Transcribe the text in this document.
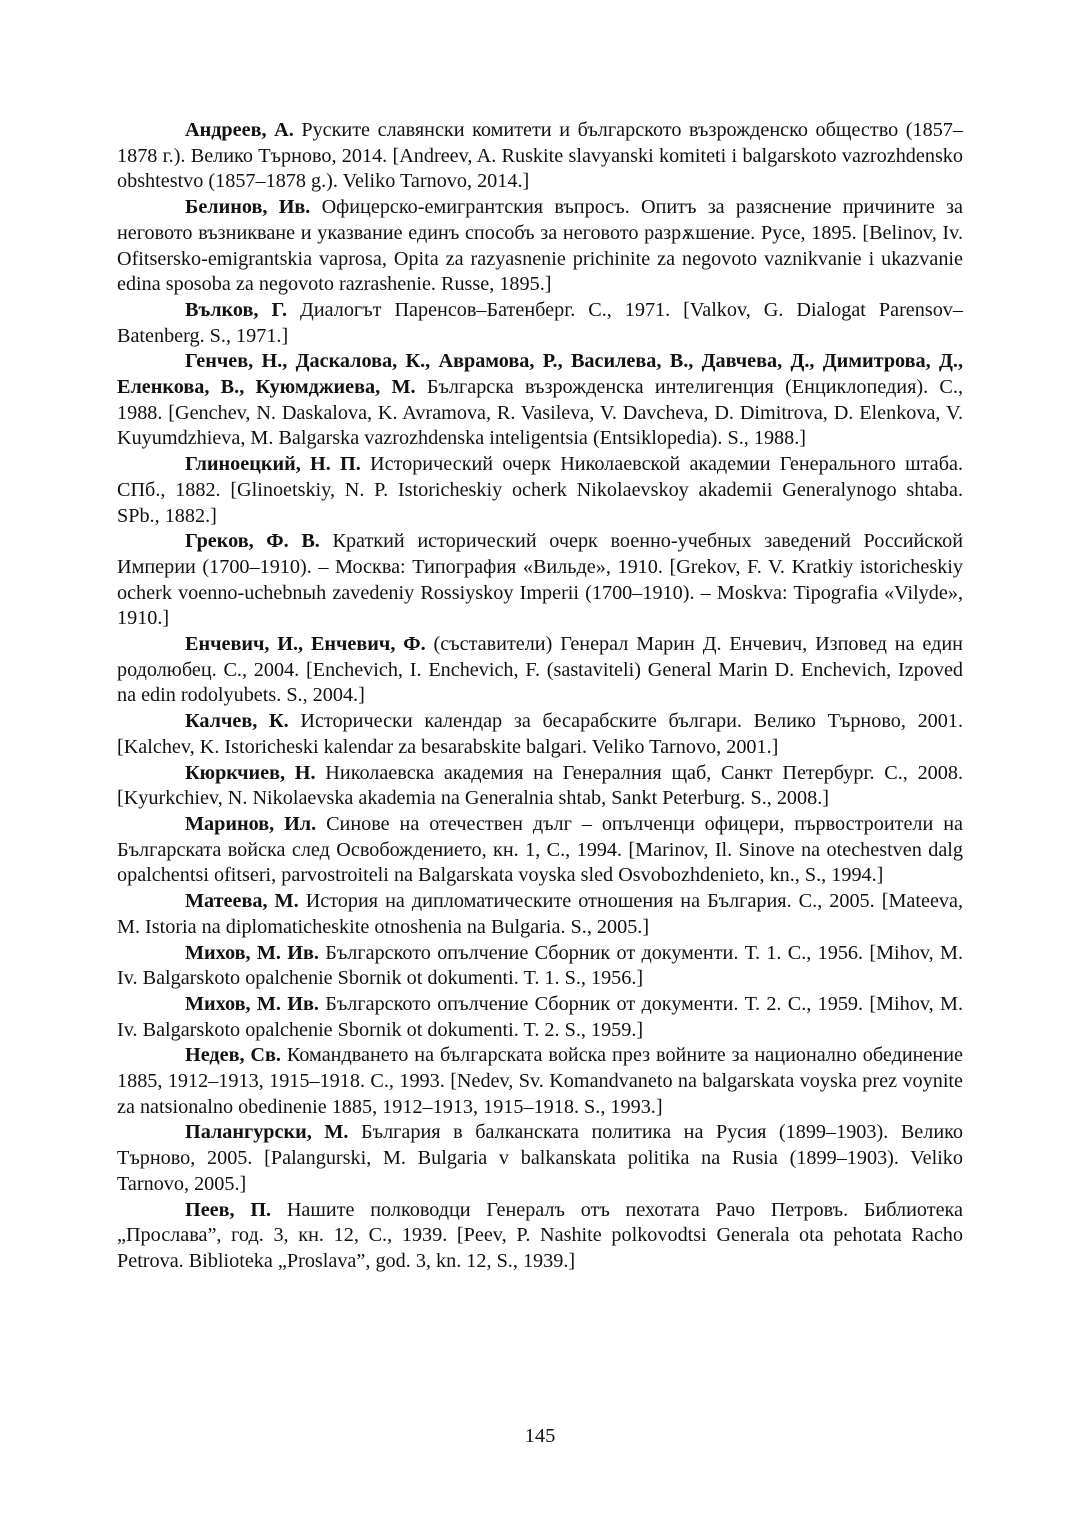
Андреев, А. Руските славянски комитети и българското възрожденско общество (1857–1878 г.). Велико Търново, 2014. [Andreev, A. Ruskite slavyanski komiteti i balgarskoto vazrozhdensko obshtestvo (1857–1878 g.). Veliko Tarnovo, 2014.]

Белинов, Ив. Офицерско-емигрантския въпросъ. Опитъ за разяснение причините за неговото възникване и указвание единъ способъ за неговото разрѫшение. Русе, 1895. [Belinov, Iv. Ofitsersko-emigrantskia vaprosa, Opita za razyasnenie prichinite za negovoto vaznikvanie i ukazvanie edina sposoba za negovoto razrashenie. Russe, 1895.]

Вълков, Г. Диалогът Паренсов–Батенберг. С., 1971. [Valkov, G. Dialogat Parensov–Batenberg. S., 1971.]

Генчев, Н., Даскалова, К., Аврамова, Р., Василева, В., Давчева, Д., Димитрова, Д., Еленкова, В., Куюмджиева, М. Българска възрожденска интелигенция (Енциклопедия). С., 1988. [Genchev, N. Daskalova, K. Avramova, R. Vasileva, V. Davcheva, D. Dimitrova, D. Elenkova, V. Kuyumdzhieva, M. Balgarska vazrozhdenska inteligentsia (Entsiklopedia). S., 1988.]

Глиноецкий, Н. П. Исторический очерк Николаевской академии Генерального штаба. СПб., 1882. [Glinoetskiy, N. P. Istoricheskiy ocherk Nikolaevskoy akademii Generalynogo shtaba. SPb., 1882.]

Греков, Ф. В. Краткий исторический очерк военно-учебных заведений Российской Империи (1700–1910). – Москва: Типография «Вильде», 1910. [Grekov, F. V. Kratkiy istoricheskiy ocherk voenno-uchebnыh zavedeniy Rossiyskoy Imperii (1700–1910). – Moskva: Tipografia «Vilyde», 1910.]

Енчевич, И., Енчевич, Ф. (съставители) Генерал Марин Д. Енчевич, Изповед на един родолюбец. С., 2004. [Enchevich, I. Enchevich, F. (sastaviteli) General Marin D. Enchevich, Izpoved na edin rodolyubets. S., 2004.]

Калчев, К. Исторически календар за бесарабските българи. Велико Търново, 2001. [Kalchev, K. Istoricheski kalendar za besarabskite balgari. Veliko Tarnovo, 2001.]

Кюркчиев, Н. Николаевска академия на Генералния щаб, Санкт Петербург. С., 2008. [Kyurkchiev, N. Nikolaevska akademia na Generalnia shtab, Sankt Peterburg. S., 2008.]

Маринов, Ил. Синове на отечествен дълг – опълченци офицери, първостроители на Българската войска след Освобождението, кн. 1, С., 1994. [Marinov, Il. Sinove na otechestven dalg opalchentsi ofitseri, parvostroiteli na Balgarskata voyska sled Osvobozhdenieto, kn., S., 1994.]

Матеева, М. История на дипломатическите отношения на България. С., 2005. [Mateeva, M. Istoria na diplomaticheskite otnoshenia na Bulgaria. S., 2005.]

Михов, М. Ив. Българското опълчение Сборник от документи. Т. 1. С., 1956. [Mihov, M. Iv. Balgarskoto opalchenie Sbornik ot dokumenti. T. 1. S., 1956.]

Михов, М. Ив. Българското опълчение Сборник от документи. Т. 2. С., 1959. [Mihov, M. Iv. Balgarskoto opalchenie Sbornik ot dokumenti. T. 2. S., 1959.]

Недев, Св. Командването на българската войска през войните за национално обединение 1885, 1912–1913, 1915–1918. С., 1993. [Nedev, Sv. Komandvaneto na balgarskata voyska prez voynite za natsionalno obedinenie 1885, 1912–1913, 1915–1918. S., 1993.]

Палангурски, М. България в балканската политика на Русия (1899–1903). Велико Търново, 2005. [Palangurski, M. Bulgaria v balkanskata politika na Rusia (1899–1903). Veliko Tarnovo, 2005.]

Пеев, П. Нашите полководци Генералъ отъ пехотата Рачо Петровъ. Библиотека „Прослава”, год. 3, кн. 12, С., 1939. [Peev, P. Nashite polkovodtsi Generala ota pehotata Racho Petrova. Biblioteka „Proslava”, god. 3, kn. 12, S., 1939.]

145
